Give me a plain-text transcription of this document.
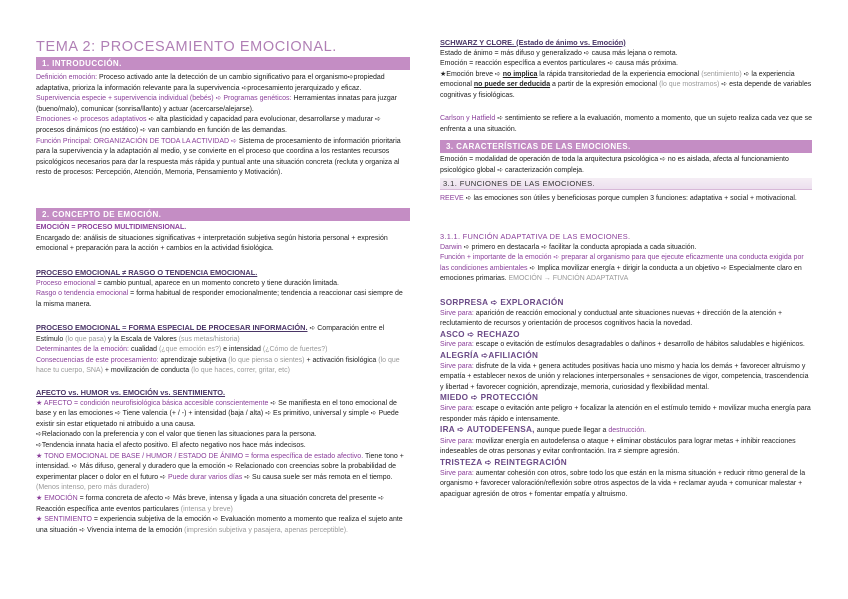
TEMA 2: PROCESAMIENTO EMOCIONAL.
1. INTRODUCCIÓN.

Definición emoción: Proceso activado ante la detección de un cambio significativo para el organismo➪propiedad adaptativa, prioriza la información relevante para la supervivencia ➪procesamiento jerarquizado y eficaz.

Supervivencia especie + supervivencia individual (bebés) ➪ Programas genéticos: Herramientas innatas para juzgar (bueno/malo), comunicar (sonrisa/llanto) y actuar (acercarse/alejarse).

Emociones ➪ procesos adaptativos ➪ alta plasticidad y capacidad para evolucionar, desarrollarse y madurar ➪ procesos dinámicos (no estático) ➪ van cambiando en función de las demandas.

Función Principal: ORGANIZACIÓN DE TODA LA ACTIVIDAD ➪ Sistema de procesamiento de información prioritaria para la supervivencia y la adaptación al medio, y se convierte en el proceso que coordina a los restantes recursos psicológicos necesarios para dar la respuesta más rápida y puntual ante una situación concreta (recluta y organiza al resto de procesos: Percepción, Atención, Memoria, Pensamiento y Motivación).

2. CONCEPTO DE EMOCIÓN.

EMOCIÓN = PROCESO MULTIDIMENSIONAL.

Encargado de: análisis de situaciones significativas + interpretación subjetiva según historia personal + expresión emocional + preparación para la acción + cambios en la actividad fisiológica.

PROCESO EMOCIONAL ≠ RASGO O TENDENCIA EMOCIONAL.

Proceso emocional = cambio puntual, aparece en un momento concreto y tiene duración limitada.

Rasgo o tendencia emocional = forma habitual de responder emocionalmente; tendencia a reaccionar casi siempre de la misma manera.

PROCESO EMOCIONAL = FORMA ESPECIAL DE PROCESAR INFORMACIÓN. ➪ Comparación entre el Estímulo (lo que pasa) y la Escala de Valores (sus metas/historia)

Determinantes de la emoción: cualidad (¿que emoción es?) e intensidad (¿Cómo de fuertes?)

Consecuencias de este procesamiento: aprendizaje subjetiva (lo que piensa o sientes) + activación fisiológica (lo que hace tu cuerpo, SNA) + movilización de conducta (lo que haces, correr, gritar, etc)

AFECTO vs. HUMOR vs. EMOCIÓN vs. SENTIMIENTO.

★ AFECTO = condición neurofisiológica básica accesible conscientemente ➪ Se manifiesta en el tono emocional de base y en las emociones ➪ Tiene valencia (+ / -) + intensidad (baja / alta) ➪ Es primitivo, universal y simple ➪ Puede existir sin estar etiquetado ni atribuido a una causa.

➪Relacionado con la preferencia y con el valor que tienen las situaciones para la persona.

➪Tendencia innata hacia el afecto positivo. El afecto negativo nos hace más indecisos.

★ TONO EMOCIONAL DE BASE / HUMOR / ESTADO DE ÁNIMO = forma específica de estado afectivo. Tiene tono + intensidad. ➪ Más difuso, general y duradero que la emoción ➪ Relacionado con creencias sobre la probabilidad de experimentar placer o dolor en el futuro ➪ Puede durar varios días ➪ Su causa suele ser más remota en el tiempo. (Menos intenso, pero más duradero)

★ EMOCIÓN = forma concreta de afecto ➪ Más breve, intensa y ligada a una situación concreta del presente ➪ Reacción específica ante eventos particulares (intensa y breve)

★ SENTIMIENTO = experiencia subjetiva de la emoción ➪ Evaluación momento a momento que realiza el sujeto ante una situación ➪ Vivencia interna de la emoción (impresión subjetiva y pasajera, apenas perceptible).

SCHWARZ Y CLORE. (Estado de ánimo vs. Emoción)

Estado de ánimo = más difuso y generalizado ➪ causa más lejana o remota.

Emoción = reacción específica a eventos particulares ➪ causa más próxima.

★Emoción breve ➪ no implica la rápida transitoriedad de la experiencia emocional (sentimiento) ➪ la experiencia emocional no puede ser deducida a partir de la expresión emocional (lo que mostramos) ➪ esta depende de variables cognitivas y fisiológicas.

Carlson y Hatfield ➪ sentimiento se refiere a la evaluación, momento a momento, que un sujeto realiza cada vez que se enfrenta a una situación.

3. CARACTERÍSTICAS DE LAS EMOCIONES.

Emoción = modalidad de operación de toda la arquitectura psicológica ➪ no es aislada, afecta al funcionamiento psicológico global ➪ caracterización compleja.

3.1. FUNCIONES DE LAS EMOCIONES.

REEVE ➪ las emociones son útiles y beneficiosas porque cumplen 3 funciones: adaptativa + social + motivacional.

3.1.1. FUNCIÓN ADAPTATIVA DE LAS EMOCIONES.

Darwin ➪ primero en destacarla ➪ facilitar la conducta apropiada a cada situación.

Función + importante de la emoción ➪ preparar al organismo para que ejecute eficazmente una conducta exigida por las condiciones ambientales ➪ Implica movilizar energía + dirigir la conducta a un objetivo ➪ Especialmente claro en emociones primarias. EMOCIÓN → FUNCIÓN ADAPTATIVA

SORPRESA ➪ EXPLORACIÓN

Sirve para: aparición de reacción emocional y conductual ante situaciones nuevas + dirección de la atención + reclutamiento de recursos y orientación de procesos cognitivos hacia la novedad.

ASCO ➪ RECHAZO

Sirve para: escape o evitación de estímulos desagradables o dañinos + desarrollo de hábitos saludables e higiénicos.

ALEGRÍA ➪AFILIACIÓN

Sirve para: disfrute de la vida + genera actitudes positivas hacia uno mismo y hacia los demás + favorecer altruismo y empatía + establecer nexos de unión y relaciones interpersonales + sensaciones de vigor, competencia, trascendencia y libertad + favorecer cognición, aprendizaje, memoria, curiosidad y flexibilidad mental.

MIEDO ➪ PROTECCIÓN

Sirve para: escape o evitación ante peligro + focalizar la atención en el estímulo temido + movilizar mucha energía para responder más rápido e intensamente.

IRA ➪ AUTODEFENSA, aunque puede llegar a destrucción.

Sirve para: movilizar energía en autodefensa o ataque + eliminar obstáculos para lograr metas + inhibir reacciones indeseables de otras personas y evitar confrontación. Ira ≠ siempre agresión.

TRISTEZA ➪ REINTEGRACIÓN

Sirve para: aumentar cohesión con otros, sobre todo los que están en la misma situación + reducir ritmo general de la organismo + favorecer valoración/reflexión sobre otros aspectos de la vida + reclamar ayuda + comunicar malestar + apaciguar agresión de otros + fomentar empatía y altruismo.
